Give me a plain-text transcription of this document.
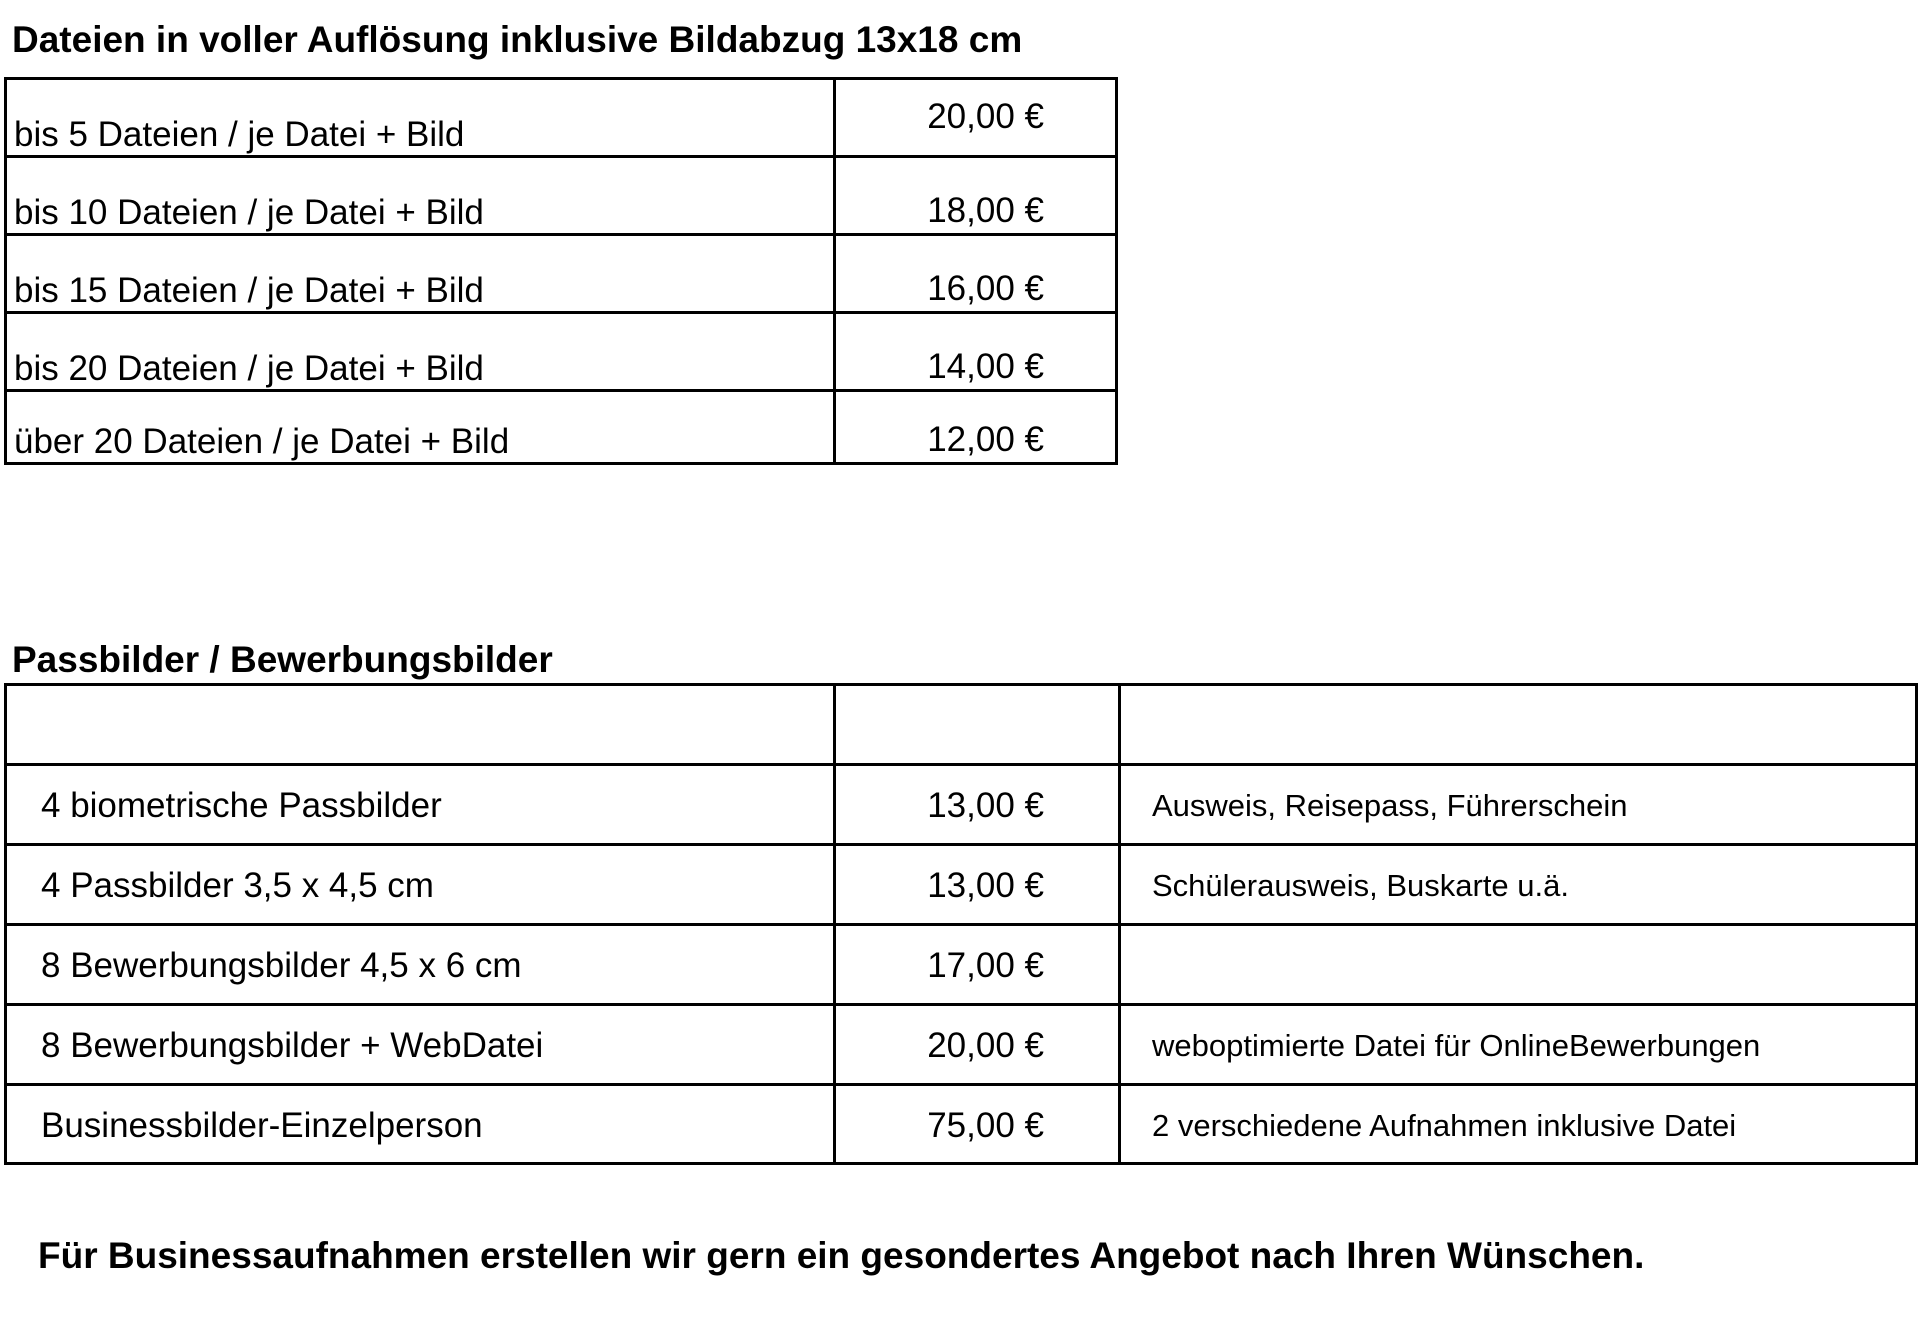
Dateien in voller Auflösung inklusive Bildabzug 13x18 cm
bis 5 Dateien / je Datei + Bild	20,00 €
bis 10 Dateien / je Datei + Bild	18,00 €
bis 15 Dateien / je Datei + Bild	16,00 €
bis 20 Dateien / je Datei + Bild	14,00 €
über 20 Dateien / je Datei + Bild	12,00 €
Passbilder / Bewerbungsbilder
4 biometrische Passbilder	13,00 €	Ausweis, Reisepass, Führerschein
4 Passbilder 3,5 x 4,5 cm	13,00 €	Schülerausweis, Buskarte u.ä.
8 Bewerbungsbilder 4,5 x 6 cm	17,00 €
8 Bewerbungsbilder + WebDatei	20,00 €	weboptimierte Datei für OnlineBewerbungen
Businessbilder-Einzelperson	75,00 €	2 verschiedene Aufnahmen inklusive Datei
Für Businessaufnahmen erstellen wir gern ein gesondertes Angebot nach Ihren Wünschen.
